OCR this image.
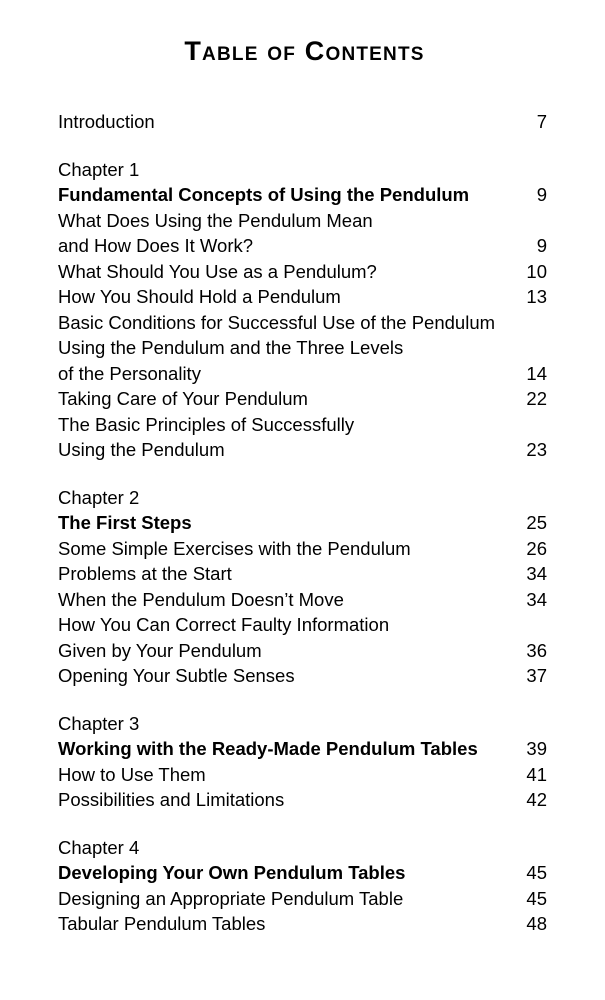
Table of Contents
Introduction	7
Chapter 1
Fundamental Concepts of Using the Pendulum	9
What Does Using the Pendulum Mean
and How Does It Work?	9
What Should You Use as a Pendulum?	10
How You Should Hold a Pendulum	13
Basic Conditions for Successful Use of the Pendulum
Using the Pendulum and the Three Levels
of the Personality	14
Taking Care of Your Pendulum	22
The Basic Principles of Successfully
Using the Pendulum	23
Chapter 2
The First Steps	25
Some Simple Exercises with the Pendulum	26
Problems at the Start	34
When the Pendulum Doesn’t Move	34
How You Can Correct Faulty Information
Given by Your Pendulum	36
Opening Your Subtle Senses	37
Chapter 3
Working with the Ready-Made Pendulum Tables	39
How to Use Them	41
Possibilities and Limitations	42
Chapter 4
Developing Your Own Pendulum Tables	45
Designing an Appropriate Pendulum Table	45
Tabular Pendulum Tables	48
